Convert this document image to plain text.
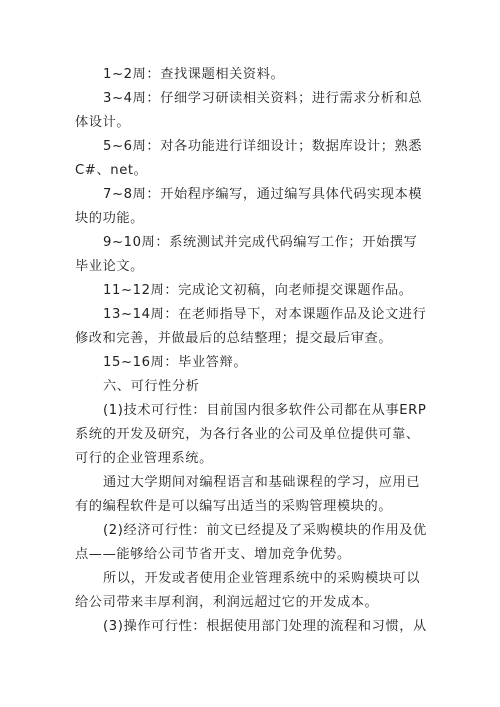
1~2周：查找课题相关资料。

3~4周：仔细学习研读相关资料；进行需求分析和总体设计。

5~6周：对各功能进行详细设计；数据库设计；熟悉C#、net。

7~8周：开始程序编写，通过编写具体代码实现本模块的功能。

9~10周：系统测试并完成代码编写工作；开始撰写毕业论文。

11~12周：完成论文初稿，向老师提交课题作品。

13~14周：在老师指导下，对本课题作品及论文进行修改和完善，并做最后的总结整理；提交最后审查。

15~16周：毕业答辩。

六、可行性分析

(1)技术可行性：目前国内很多软件公司都在从事ERP系统的开发及研究，为各行各业的公司及单位提供可靠、可行的企业管理系统。

通过大学期间对编程语言和基础课程的学习，应用已有的编程软件是可以编写出适当的采购管理模块的。

(2)经济可行性：前文已经提及了采购模块的作用及优点——能够给公司节省开支、增加竞争优势。

所以，开发或者使用企业管理系统中的采购模块可以给公司带来丰厚利润，利润远超过它的开发成本。

(3)操作可行性：根据使用部门处理的流程和习惯，从
